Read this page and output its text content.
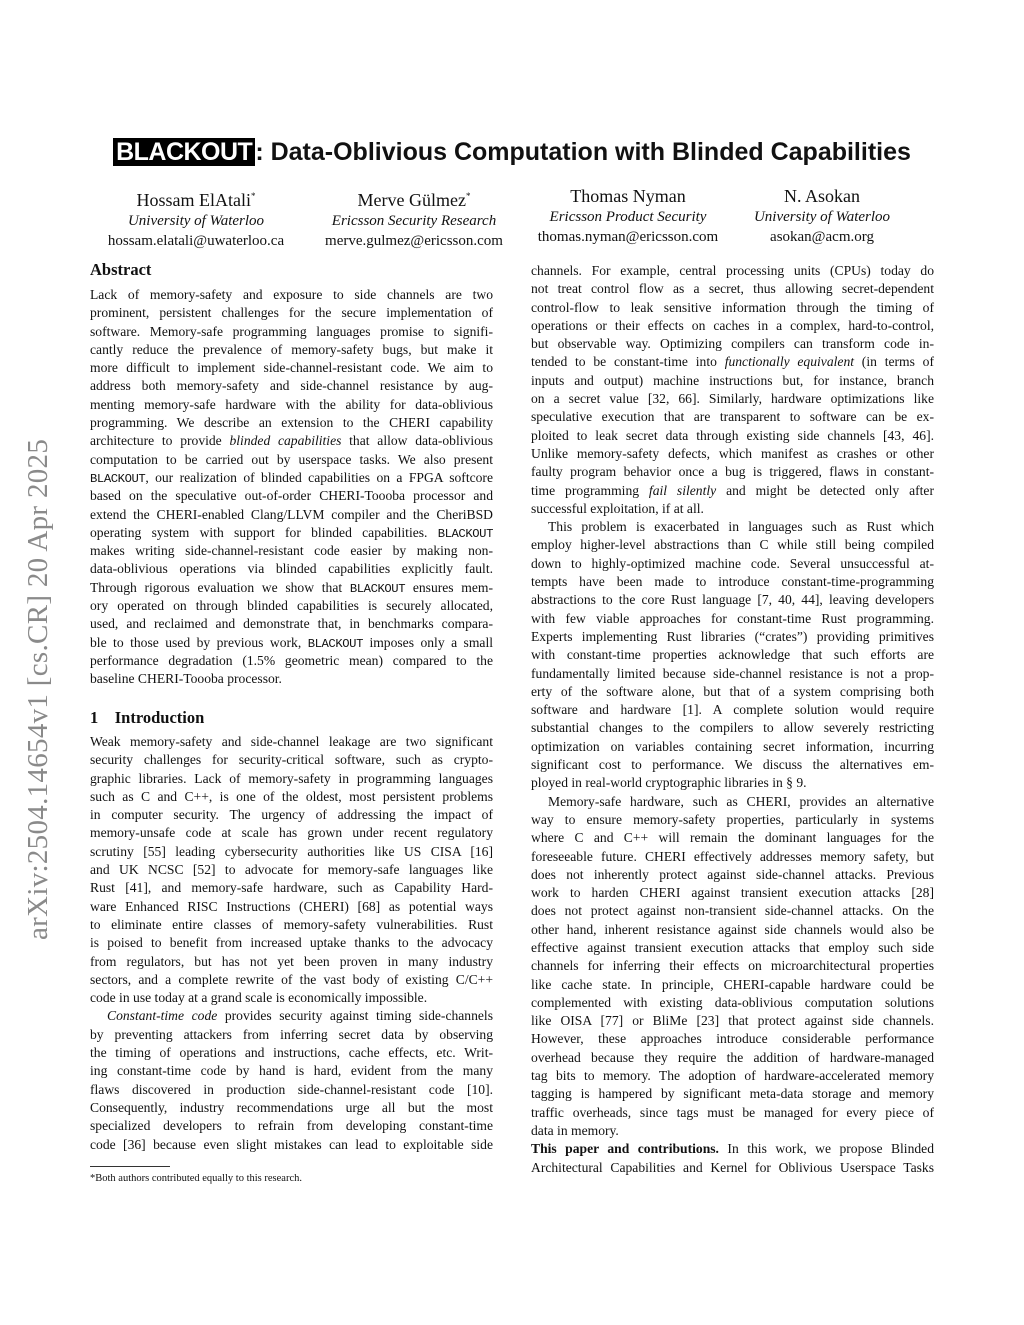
arXiv:2504.14654v1 [cs.CR] 20 Apr 2025
BLACKOUT : Data-Oblivious Computation with Blinded Capabilities
Hossam ElAtali*
University of Waterloo
hossam.elatali@uwaterloo.ca
Merve Gülmez*
Ericsson Security Research
merve.gulmez@ericsson.com
Thomas Nyman
Ericsson Product Security
thomas.nyman@ericsson.com
N. Asokan
University of Waterloo
asokan@acm.org
Abstract
Lack of memory-safety and exposure to side channels are two
prominent, persistent challenges for the secure implementation of
software. Memory-safe programming languages promise to signifi-
cantly reduce the prevalence of memory-safety bugs, but make it
more difficult to implement side-channel-resistant code. We aim to
address both memory-safety and side-channel resistance by aug-
menting memory-safe hardware with the ability for data-oblivious
programming. We describe an extension to the CHERI capability
architecture to provide blinded capabilities that allow data-oblivious
computation to be carried out by userspace tasks. We also present
BLACKOUT, our realization of blinded capabilities on a FPGA softcore
based on the speculative out-of-order CHERI-Toooba processor and
extend the CHERI-enabled Clang/LLVM compiler and the CheriBSD
operating system with support for blinded capabilities. BLACKOUT
makes writing side-channel-resistant code easier by making non-
data-oblivious operations via blinded capabilities explicitly fault.
Through rigorous evaluation we show that BLACKOUT ensures mem-
ory operated on through blinded capabilities is securely allocated,
used, and reclaimed and demonstrate that, in benchmarks compara-
ble to those used by previous work, BLACKOUT imposes only a small
performance degradation (1.5% geometric mean) compared to the
baseline CHERI-Toooba processor.
1    Introduction
Weak memory-safety and side-channel leakage are two significant
security challenges for security-critical software, such as crypto-
graphic libraries. Lack of memory-safety in programming languages
such as C and C++, is one of the oldest, most persistent problems
in computer security. The urgency of addressing the impact of
memory-unsafe code at scale has grown under recent regulatory
scrutiny [55] leading cybersecurity authorities like US CISA [16]
and UK NCSC [52] to advocate for memory-safe languages like
Rust [41], and memory-safe hardware, such as Capability Hard-
ware Enhanced RISC Instructions (CHERI) [68] as potential ways
to eliminate entire classes of memory-safety vulnerabilities. Rust
is poised to benefit from increased uptake thanks to the advocacy
from regulators, but has not yet been proven in many industry
sectors, and a complete rewrite of the vast body of existing C/C++
code in use today at a grand scale is economically impossible.
Constant-time code provides security against timing side-channels
by preventing attackers from inferring secret data by observing
the timing of operations and instructions, cache effects, etc. Writ-
ing constant-time code by hand is hard, evident from the many
flaws discovered in production side-channel-resistant code [10].
Consequently, industry recommendations urge all but the most
specialized developers to refrain from developing constant-time
code [36] because even slight mistakes can lead to exploitable side
channels. For example, central processing units (CPUs) today do
not treat control flow as a secret, thus allowing secret-dependent
control-flow to leak sensitive information through the timing of
operations or their effects on caches in a complex, hard-to-control,
but observable way. Optimizing compilers can transform code in-
tended to be constant-time into functionally equivalent (in terms of
inputs and output) machine instructions but, for instance, branch
on a secret value [32, 66]. Similarly, hardware optimizations like
speculative execution that are transparent to software can be ex-
ploited to leak secret data through existing side channels [43, 46].
Unlike memory-safety defects, which manifest as crashes or other
faulty program behavior once a bug is triggered, flaws in constant-
time programming fail silently and might be detected only after
successful exploitation, if at all.
This problem is exacerbated in languages such as Rust which
employ higher-level abstractions than C while still being compiled
down to highly-optimized machine code. Several unsuccessful at-
tempts have been made to introduce constant-time-programming
abstractions to the core Rust language [7, 40, 44], leaving developers
with few viable approaches for constant-time Rust programming.
Experts implementing Rust libraries (“crates”) providing primitives
with constant-time properties acknowledge that such efforts are
fundamentally limited because side-channel resistance is not a prop-
erty of the software alone, but that of a system comprising both
software and hardware [1]. A complete solution would require
substantial changes to the compilers to allow severely restricting
optimization on variables containing secret information, incurring
significant cost to performance. We discuss the alternatives em-
ployed in real-world cryptographic libraries in § 9.
Memory-safe hardware, such as CHERI, provides an alternative
way to ensure memory-safety properties, particularly in systems
where C and C++ will remain the dominant languages for the
foreseeable future. CHERI effectively addresses memory safety, but
does not inherently protect against side-channel attacks. Previous
work to harden CHERI against transient execution attacks [28]
does not protect against non-transient side-channel attacks. On the
other hand, inherent resistance against side channels would also be
effective against transient execution attacks that employ such side
channels for inferring their effects on microarchitectural properties
like cache state. In principle, CHERI-capable hardware could be
complemented with existing data-oblivious computation solutions
like OISA [77] or BliMe [23] that protect against side channels.
However, these approaches introduce considerable performance
overhead because they require the addition of hardware-managed
tag bits to memory. The adoption of hardware-accelerated memory
tagging is hampered by significant meta-data storage and memory
traffic overheads, since tags must be managed for every piece of
data in memory.
This paper and contributions. In this work, we propose Blinded
Architectural Capabilities and Kernel for Oblivious Userspace Tasks
*Both authors contributed equally to this research.
